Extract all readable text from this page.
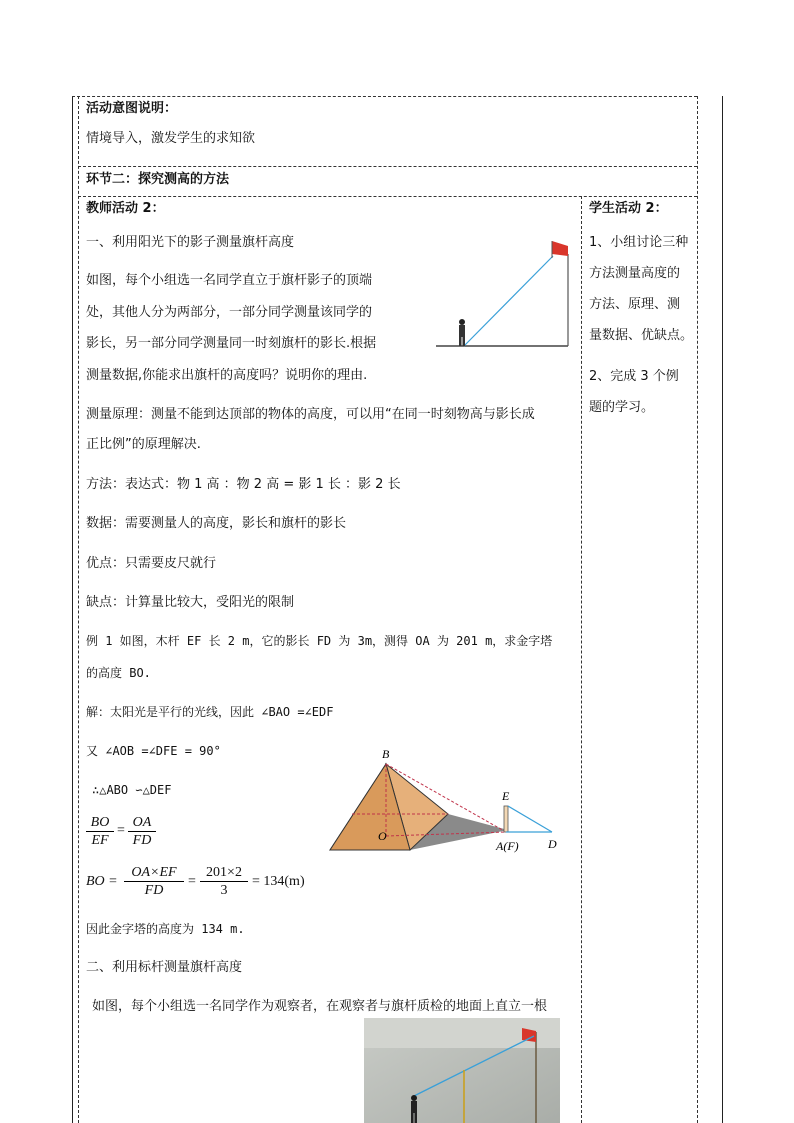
活动意图说明：
情境导入，激发学生的求知欲
环节二：探究测高的方法
教师活动 2：
一、利用阳光下的影子测量旗杆高度
如图，每个小组选一名同学直立于旗杆影子的顶端
处，其他人分为两部分，一部分同学测量该同学的
影长，另一部分同学测量同一时刻旗杆的影长.根据
测量数据,你能求出旗杆的高度吗？说明你的理由.
测量原理：测量不能到达顶部的物体的高度，可以用“在同一时刻物高与影长成
正比例”的原理解决.
方法：表达式：物 1 高 ：物 2 高 = 影 1 长 ：影 2 长
数据：需要测量人的高度，影长和旗杆的影长
优点：只需要皮尺就行
缺点：计算量比较大，受阳光的限制
例 1 如图，木杆 EF 长 2 m，它的影长 FD 为 3m，测得 OA 为 201 m，求金字塔
的高度 BO.
解：太阳光是平行的光线，因此 ∠BAO =∠EDF
又 ∠AOB =∠DFE = 90°
∴△ABO ∽△DEF
BO
EF
=
OA
FD
BO =
OA×EF
FD
=
201×2
3
= 134(m)
B
O
E
A(F) D
因此金字塔的高度为 134 m.
二、利用标杆测量旗杆高度
如图，每个小组选一名同学作为观察者，在观察者与旗杆质检的地面上直立一根
学生活动 2：
1、小组讨论三种
方法测量高度的
方法、原理、测
量数据、优缺点。
2、完成 3 个例
题的学习。
